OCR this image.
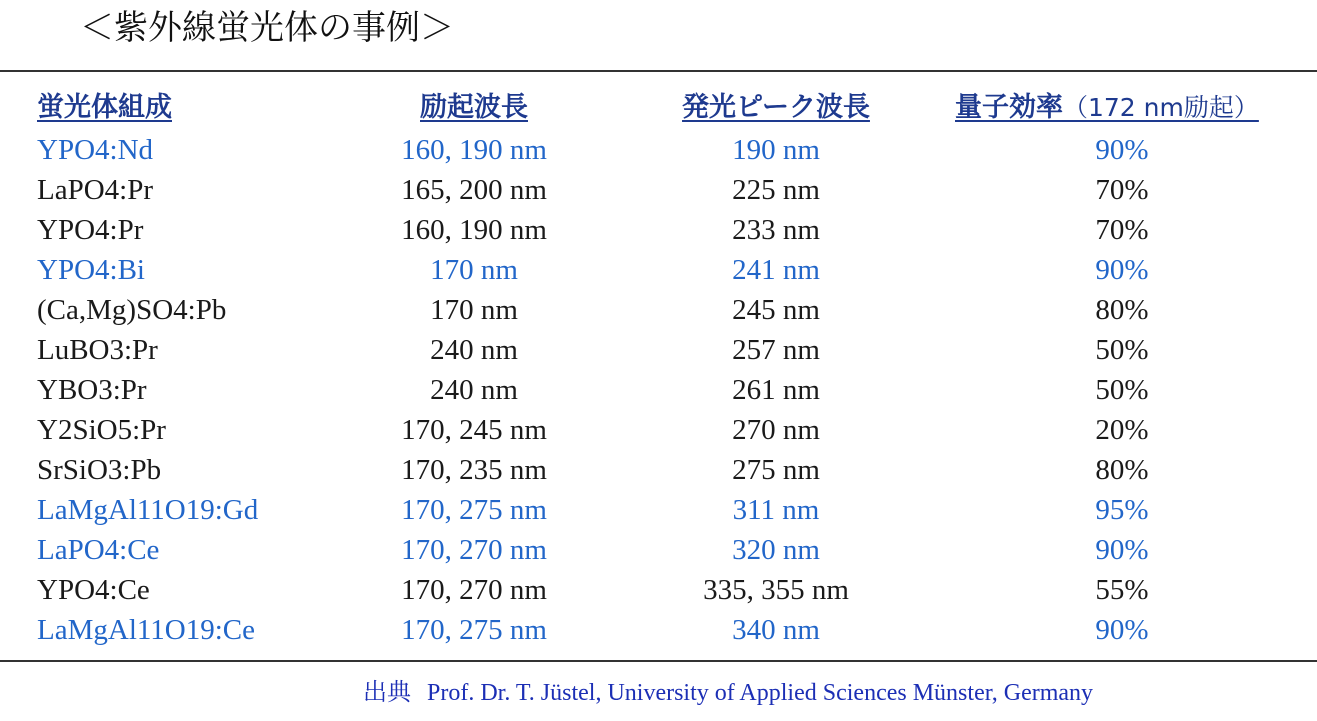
＜紫外線蛍光体の事例＞
蛍光体組成	励起波長	発光ピーク波長	量子効率（172 nm励起）
YPO4:Nd	160, 190 nm	190 nm	90%
LaPO4:Pr	165, 200 nm	225 nm	70%
YPO4:Pr	160, 190 nm	233 nm	70%
YPO4:Bi	170 nm	241 nm	90%
(Ca,Mg)SO4:Pb	170 nm	245 nm	80%
LuBO3:Pr	240 nm	257 nm	50%
YBO3:Pr	240 nm	261 nm	50%
Y2SiO5:Pr	170, 245 nm	270 nm	20%
SrSiO3:Pb	170, 235 nm	275 nm	80%
LaMgAl11O19:Gd	170, 275 nm	311 nm	95%
LaPO4:Ce	170, 270 nm	320 nm	90%
YPO4:Ce	170, 270 nm	335, 355 nm	55%
LaMgAl11O19:Ce	170, 275 nm	340 nm	90%
出典 Prof. Dr. T. Jüstel, University of Applied Sciences Münster, Germany
